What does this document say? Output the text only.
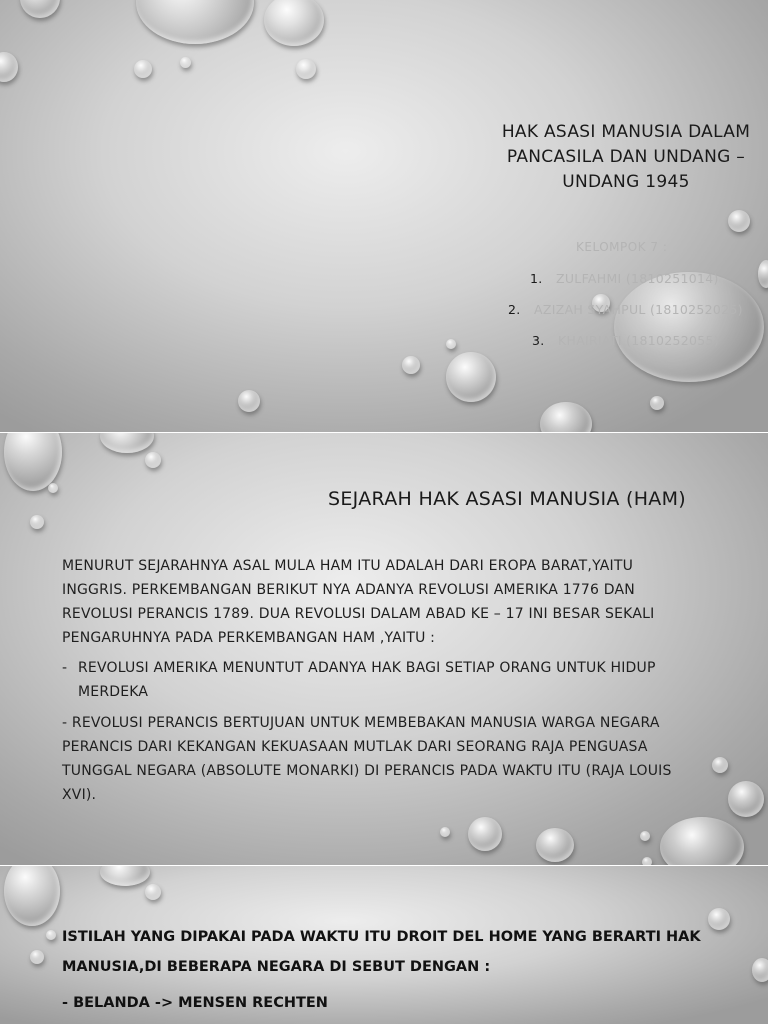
HAK ASASI MANUSIA DALAM PANCASILA DAN UNDANG – UNDANG 1945
KELOMPOK 7 :
1. ZULFAHMI (1810251014)
2. AZIZAH SYAHPUL (1810252025)
3. KHAIRIATI (1810252055)
SEJARAH HAK ASASI MANUSIA (HAM)
MENURUT SEJARAHNYA ASAL MULA HAM ITU ADALAH DARI EROPA BARAT,YAITU INGGRIS. PERKEMBANGAN BERIKUT NYA ADANYA REVOLUSI AMERIKA 1776 DAN REVOLUSI PERANCIS 1789. DUA REVOLUSI DALAM ABAD KE – 17 INI BESAR SEKALI PENGARUHNYA PADA PERKEMBANGAN HAM ,YAITU :
- REVOLUSI AMERIKA MENUNTUT ADANYA HAK BAGI SETIAP ORANG UNTUK HIDUP MERDEKA
- REVOLUSI PERANCIS BERTUJUAN UNTUK MEMBEBAKAN MANUSIA WARGA NEGARA PERANCIS DARI KEKANGAN KEKUASAAN MUTLAK DARI SEORANG RAJA PENGUASA TUNGGAL NEGARA (ABSOLUTE MONARKI) DI PERANCIS PADA WAKTU ITU (RAJA LOUIS XVI).

ISTILAH YANG DIPAKAI PADA WAKTU ITU DROIT DEL HOME YANG BERARTI HAK MANUSIA,DI BEBERAPA NEGARA DI SEBUT DENGAN :

- BELANDA -> MENSEN RECHTEN
